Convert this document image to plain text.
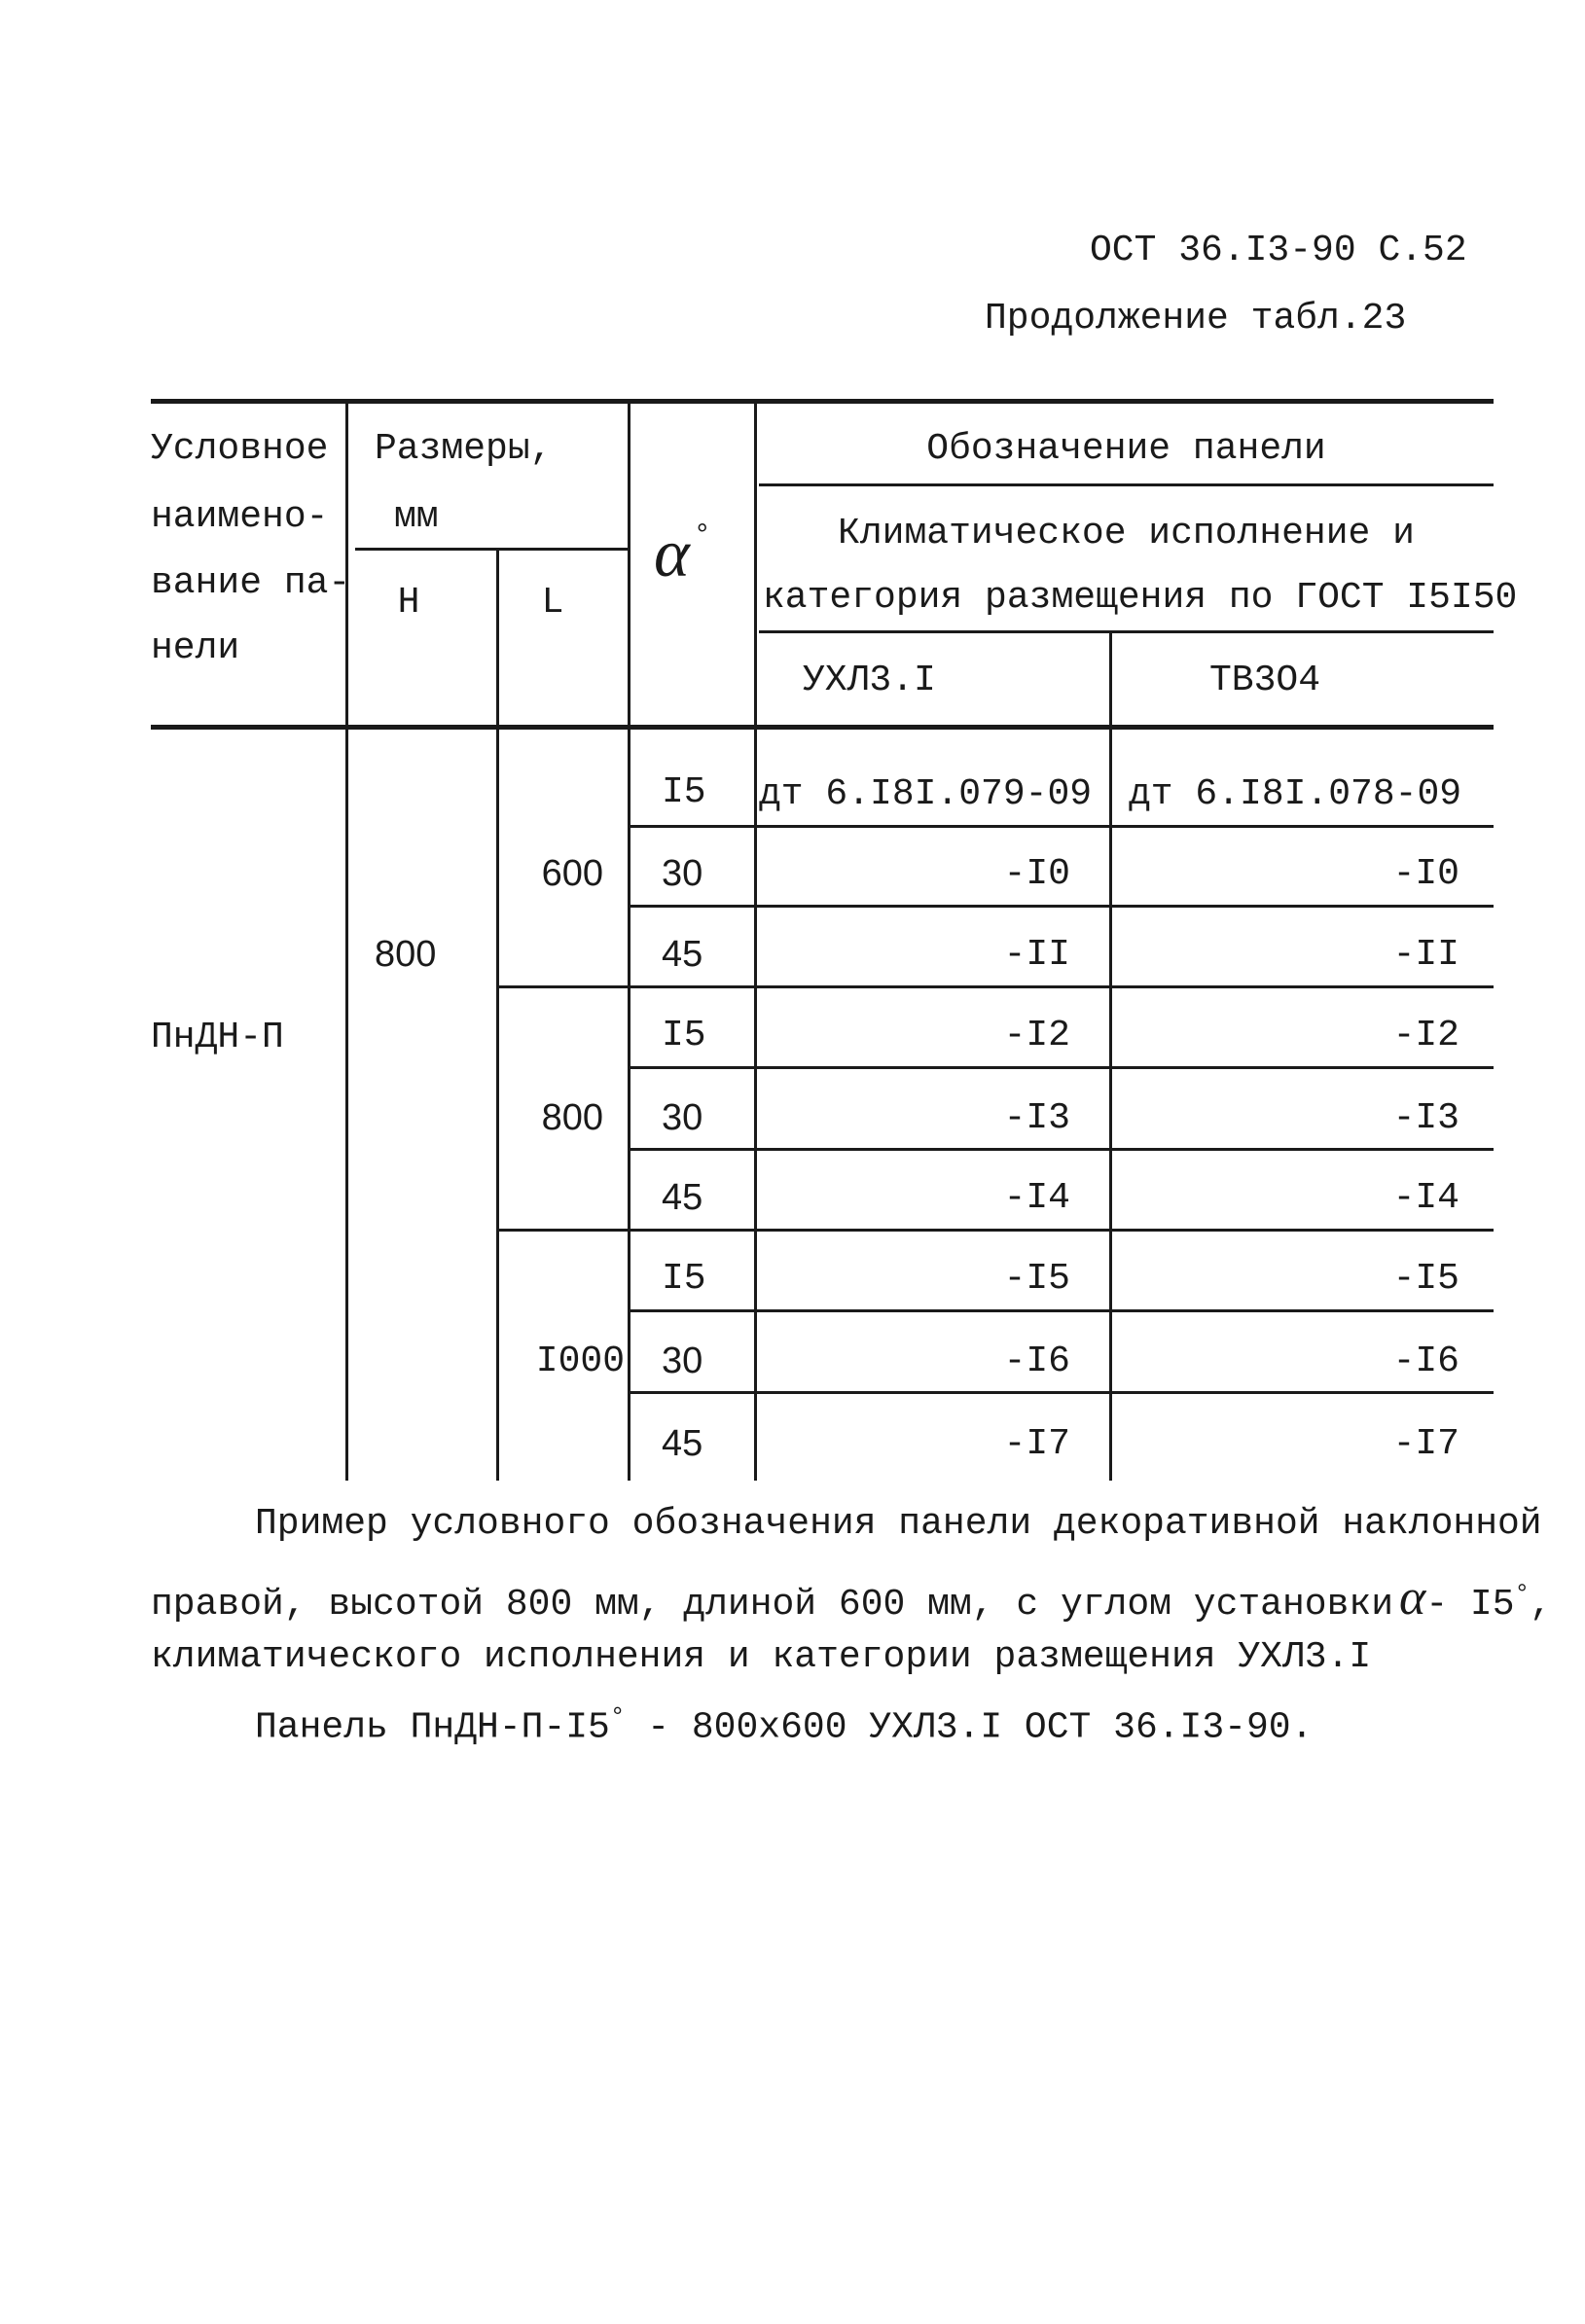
ОСТ 36.I3-90 С.52
Продолжение табл.23
Условное
наимено-
вание па-
нели
Размеры,
мм
Н	L
α °
Обозначение панели
Климатическое исполнение и
категория размещения по ГОСТ I5I50
УХЛ3.I	ТВ3О4
ПнДН-П
800
600
800
I000
I5
30
45
I5
30
45
I5
30
45
дт 6.I8I.079-09
-I0
-II
-I2
-I3
-I4
-I5
-I6
-I7
дт 6.I8I.078-09
-I0
-II
-I2
-I3
-I4
-I5
-I6
-I7
Пример условного обозначения панели декоративной наклонной
правой, высотой 800 мм, длиной 600 мм, с углом установки α- I5°,
климатического исполнения и категории размещения УХЛ3.I
Панель ПнДН-П-I5° - 800х600 УХЛ3.I ОСТ 36.I3-90.
